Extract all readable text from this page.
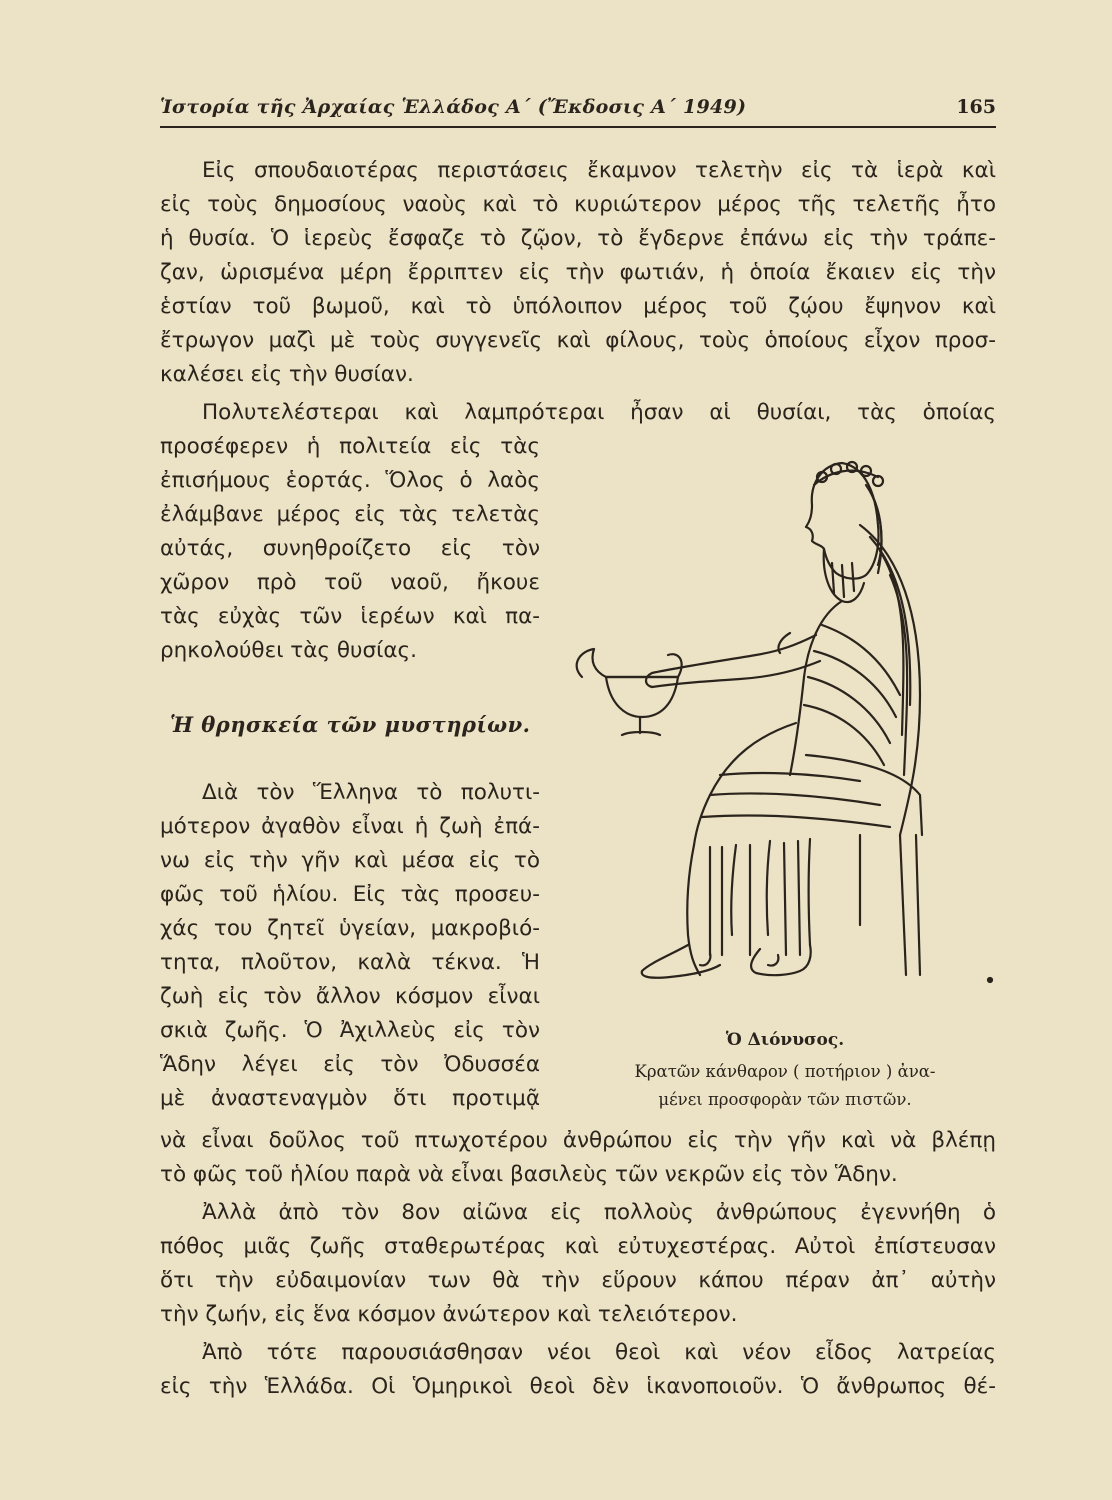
Ἱστορία τῆς Ἀρχαίας Ἑλλάδος Α΄ (Ἔκδοσις Α΄ 1949)	165
Εἰς σπουδαιοτέρας περιστάσεις ἔκαμνον τελετὴν εἰς τὰ ἱερὰ καὶ
εἰς τοὺς δημοσίους ναοὺς καὶ τὸ κυριώτερον μέρος τῆς τελετῆς ἦτο
ἡ θυσία. Ὁ ἱερεὺς ἔσφαζε τὸ ζῷον, τὸ ἔγδερνε ἐπάνω εἰς τὴν τράπε-
ζαν, ὡρισμένα μέρη ἔρριπτεν εἰς τὴν φωτιάν, ἡ ὁποία ἔκαιεν εἰς τὴν
ἑστίαν τοῦ βωμοῦ, καὶ τὸ ὑπόλοιπον μέρος τοῦ ζῴου ἔψηνον καὶ
ἔτρωγον μαζὶ μὲ τοὺς συγγενεῖς καὶ φίλους, τοὺς ὁποίους εἶχον προσ-
καλέσει εἰς τὴν θυσίαν.
Πολυτελέστεραι καὶ λαμπρότεραι ἦσαν αἱ θυσίαι, τὰς ὁποίας
προσέφερεν ἡ πολιτεία εἰς τὰς
ἐπισήμους ἑορτάς. Ὅλος ὁ λαὸς
ἐλάμβανε μέρος εἰς τὰς τελετὰς
αὐτάς, συνηθροίζετο εἰς τὸν
χῶρον πρὸ τοῦ ναοῦ, ἤκουε
τὰς εὐχὰς τῶν ἱερέων καὶ πα-
ρηκολούθει τὰς θυσίας.
Ἡ θρησκεία τῶν μυστηρίων.
Διὰ τὸν Ἕλληνα τὸ πολυτι-
μότερον ἀγαθὸν εἶναι ἡ ζωὴ ἐπά-
νω εἰς τὴν γῆν καὶ μέσα εἰς τὸ
φῶς τοῦ ἡλίου. Εἰς τὰς προσευ-
χάς του ζητεῖ ὑγείαν, μακροβιό-
τητα, πλοῦτον, καλὰ τέκνα. Ἡ
ζωὴ εἰς τὸν ἄλλον κόσμον εἶναι
σκιὰ ζωῆς. Ὁ Ἀχιλλεὺς εἰς τὸν
Ἅδην λέγει εἰς τὸν Ὀδυσσέα
μὲ ἀναστεναγμὸν ὅτι προτιμᾷ
νὰ εἶναι δοῦλος τοῦ πτωχοτέρου ἀνθρώπου εἰς τὴν γῆν καὶ νὰ βλέπῃ
τὸ φῶς τοῦ ἡλίου παρὰ νὰ εἶναι βασιλεὺς τῶν νεκρῶν εἰς τὸν Ἅδην.
Ἀλλὰ ἀπὸ τὸν 8ον αἰῶνα εἰς πολλοὺς ἀνθρώπους ἐγεννήθη ὁ
πόθος μιᾶς ζωῆς σταθερωτέρας καὶ εὐτυχεστέρας. Αὐτοὶ ἐπίστευσαν
ὅτι τὴν εὐδαιμονίαν των θὰ τὴν εὕρουν κάπου πέραν ἀπ᾽ αὐτὴν
τὴν ζωήν, εἰς ἕνα κόσμον ἀνώτερον καὶ τελειότερον.
Ἀπὸ τότε παρουσιάσθησαν νέοι θεοὶ καὶ νέον εἶδος λατρείας
εἰς τὴν Ἑλλάδα. Οἱ Ὁμηρικοὶ θεοὶ δὲν ἱκανοποιοῦν. Ὁ ἄνθρωπος θέ-
Ὁ Διόνυσος.
Κρατῶν κάνθαρον ( ποτήριον ) ἀνα-
μένει προσφορὰν τῶν πιστῶν.
